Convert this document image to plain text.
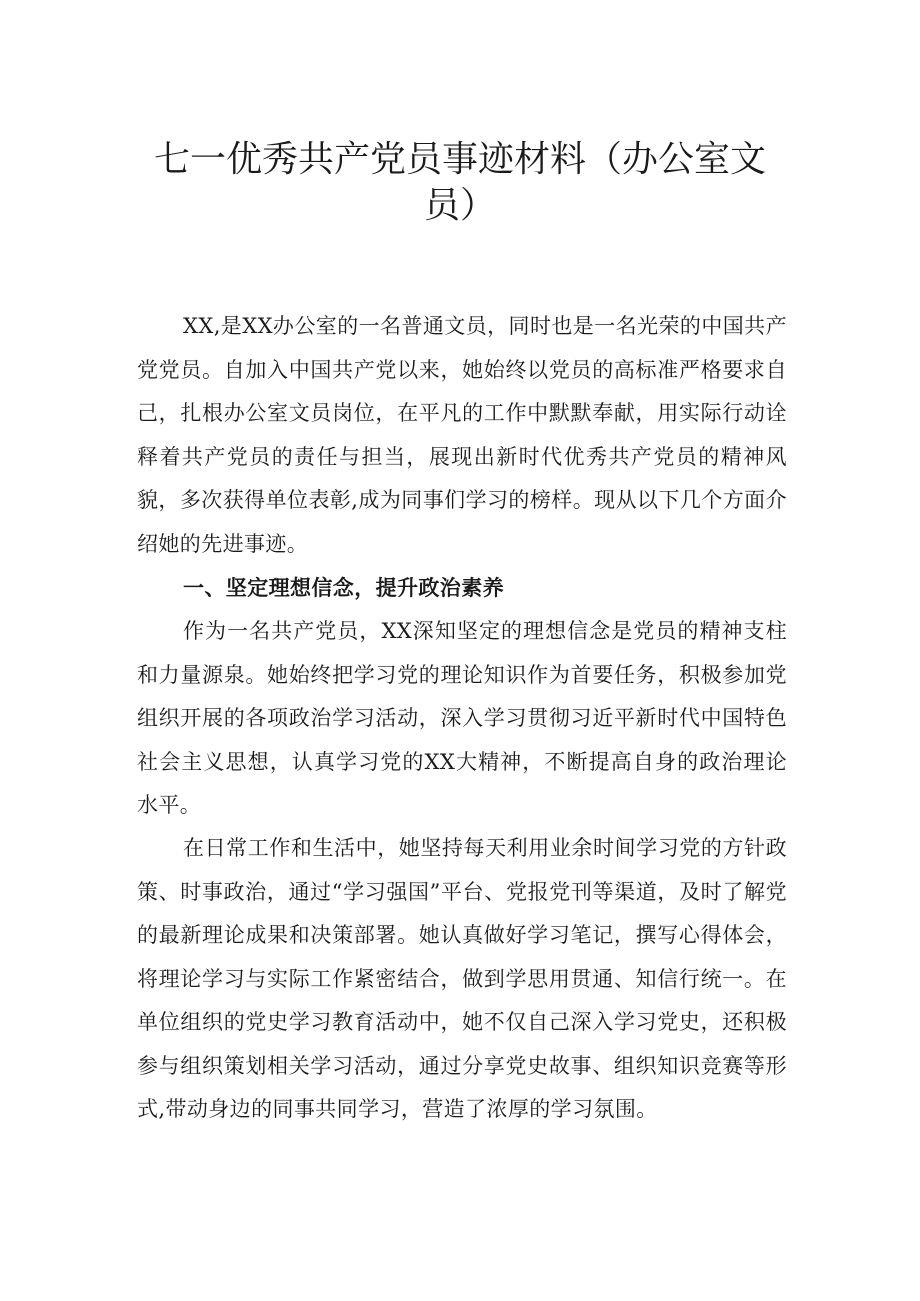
七一优秀共产党员事迹材料（办公室文
员）

XX,是XX办公室的一名普通文员，同时也是一名光荣的中国共产党党员。自加入中国共产党以来，她始终以党员的高标准严格要求自己，扎根办公室文员岗位，在平凡的工作中默默奉献，用实际行动诠释着共产党员的责任与担当，展现出新时代优秀共产党员的精神风貌，多次获得单位表彰,成为同事们学习的榜样。现从以下几个方面介绍她的先进事迹。

一、坚定理想信念，提升政治素养

作为一名共产党员，XX深知坚定的理想信念是党员的精神支柱和力量源泉。她始终把学习党的理论知识作为首要任务，积极参加党组织开展的各项政治学习活动，深入学习贯彻习近平新时代中国特色社会主义思想，认真学习党的XX大精神，不断提高自身的政治理论水平。

在日常工作和生活中，她坚持每天利用业余时间学习党的方针政策、时事政治，通过“学习强国”平台、党报党刊等渠道，及时了解党的最新理论成果和决策部署。她认真做好学习笔记，撰写心得体会，将理论学习与实际工作紧密结合，做到学思用贯通、知信行统一。在单位组织的党史学习教育活动中，她不仅自己深入学习党史，还积极参与组织策划相关学习活动，通过分享党史故事、组织知识竞赛等形式,带动身边的同事共同学习，营造了浓厚的学习氛围。
